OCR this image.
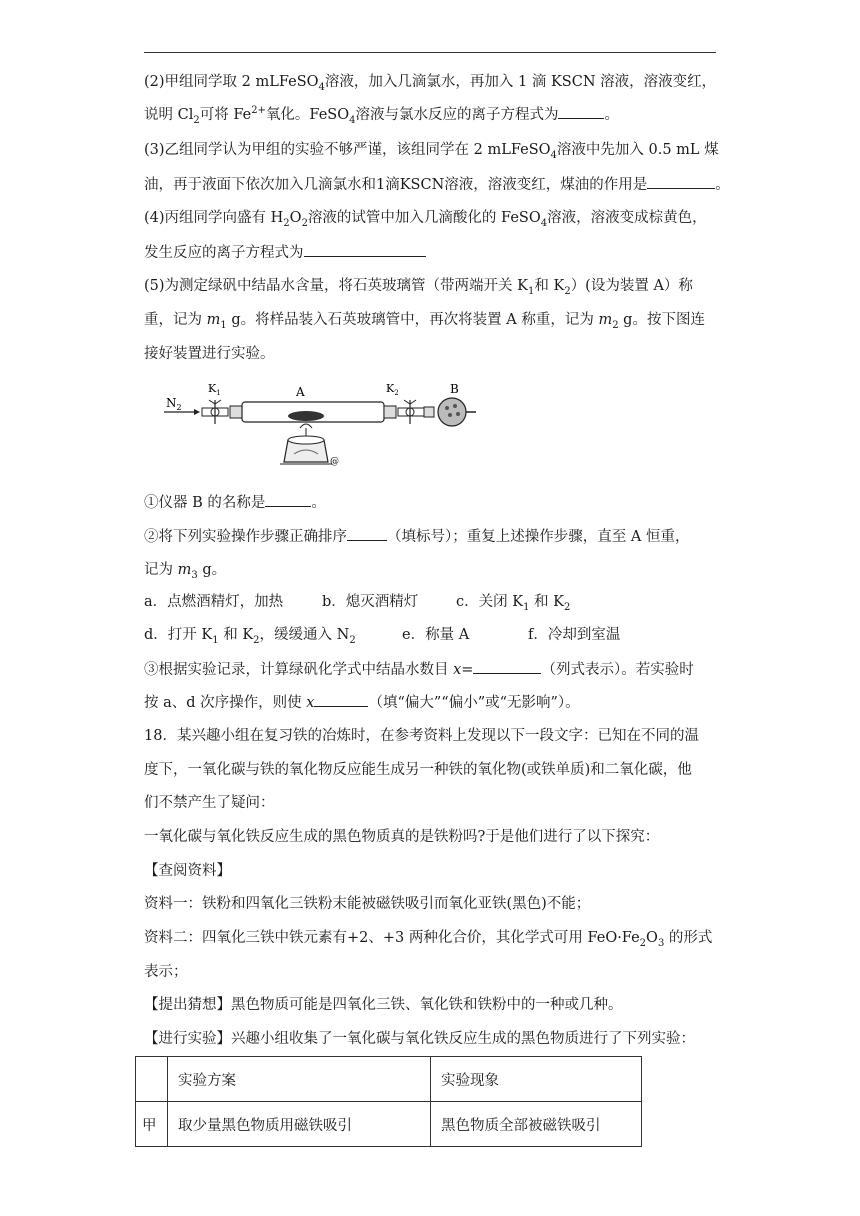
(2)甲组同学取 2 mLFeSO$_4$溶液，加入几滴氯水，再加入 1 滴 KSCN 溶液，溶液变红，
说明 $Cl_2$可将 $Fe^{2+}$氧化。FeSO$_4$溶液与氯水反应的离子方程式为	。
(3)乙组同学认为甲组的实验不够严谨，该组同学在 2 mLFeSO$_4$溶液中先加入 0.5 mL 煤
油，再于液面下依次加入几滴氯水和1滴KSCN溶液，溶液变红，煤油的作用是	。
(4)丙组同学向盛有 $H_2O_2$溶液的试管中加入几滴酸化的 FeSO$_4$溶液，溶液变成棕黄色，
发生反应的离子方程式为
(5)为测定绿矾中结晶水含量，将石英玻璃管（带两端开关 $K_1$和 $K_2$）(设为装置 A）称
重，记为 $m_1$ g。将样品装入石英玻璃管中，再次将装置 A 称重，记为 $m_2$ g。按下图连
接好装置进行实验。
$N_2$
$K_1$	A	$K_2$	B
@
①仪器 B 的名称是	。
②将下列实验操作步骤正确排序	（填标号）；重复上述操作步骤，直至 A 恒重，
记为 $m_3$ g。
a．点燃酒精灯，加热	b．熄灭酒精灯	c．关闭 $K_1$ 和 $K_2$
d．打开 $K_1$ 和 $K_2$，缓缓通入 $N_2$	e．称量 A	f．冷却到室温
③根据实验记录，计算绿矾化学式中结晶水数目 x=	（列式表示）。若实验时
按 a、d 次序操作，则使 x	（填“偏大”“偏小”或“无影响”）。
18．某兴趣小组在复习铁的冶炼时，在参考资料上发现以下一段文字：已知在不同的温
度下，一氧化碳与铁的氧化物反应能生成另一种铁的氧化物(或铁单质)和二氧化碳，他
们不禁产生了疑问：
一氧化碳与氧化铁反应生成的黑色物质真的是铁粉吗?于是他们进行了以下探究：
【查阅资料】
资料一：铁粉和四氧化三铁粉末能被磁铁吸引而氧化亚铁(黑色)不能；
资料二：四氧化三铁中铁元素有+2、+3 两种化合价，其化学式可用 $FeO\cdot Fe_2O_3$ 的形式
表示；
【提出猜想】黑色物质可能是四氧化三铁、氧化铁和铁粉中的一种或几种。
【进行实验】兴趣小组收集了一氧化碳与氧化铁反应生成的黑色物质进行了下列实验：
	实验方案	实验现象
甲	取少量黑色物质用磁铁吸引	黑色物质全部被磁铁吸引
